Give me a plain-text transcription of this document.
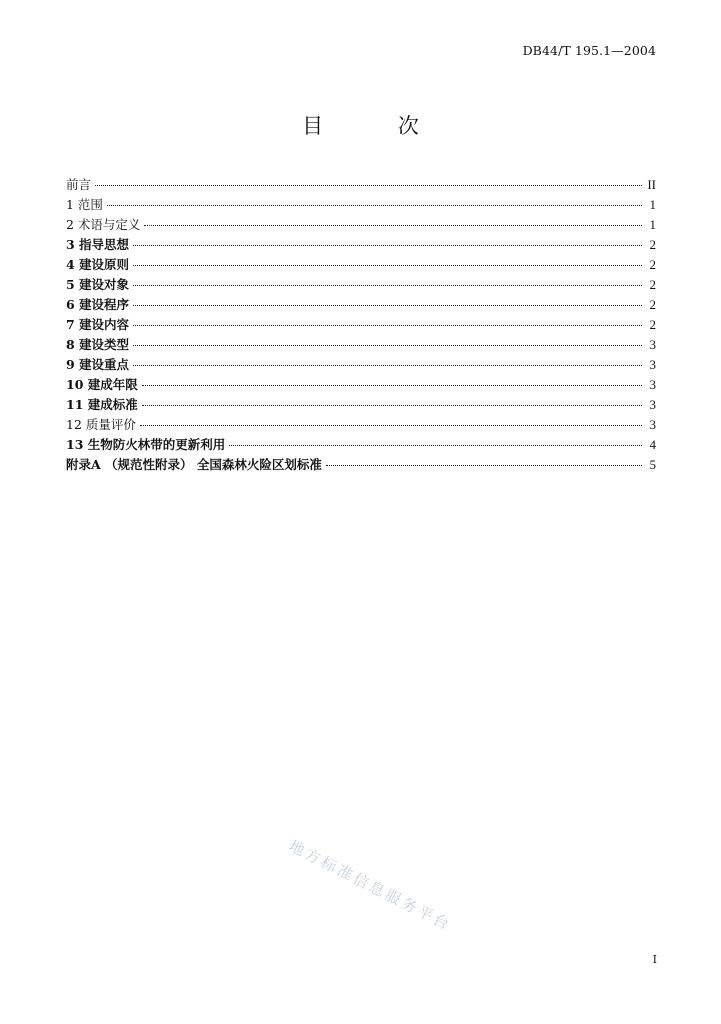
DB44/T 195.1—2004
目 次
前言	II
1 范围	1
2 术语与定义	1
3 指导思想	2
4 建设原则	2
5 建设对象	2
6 建设程序	2
7 建设内容	2
8 建设类型	3
9 建设重点	3
10 建成年限	3
11 建成标准	3
12 质量评价	3
13 生物防火林带的更新利用	4
附录A （规范性附录） 全国森林火险区划标准	5
地方标准信息服务平台
I
